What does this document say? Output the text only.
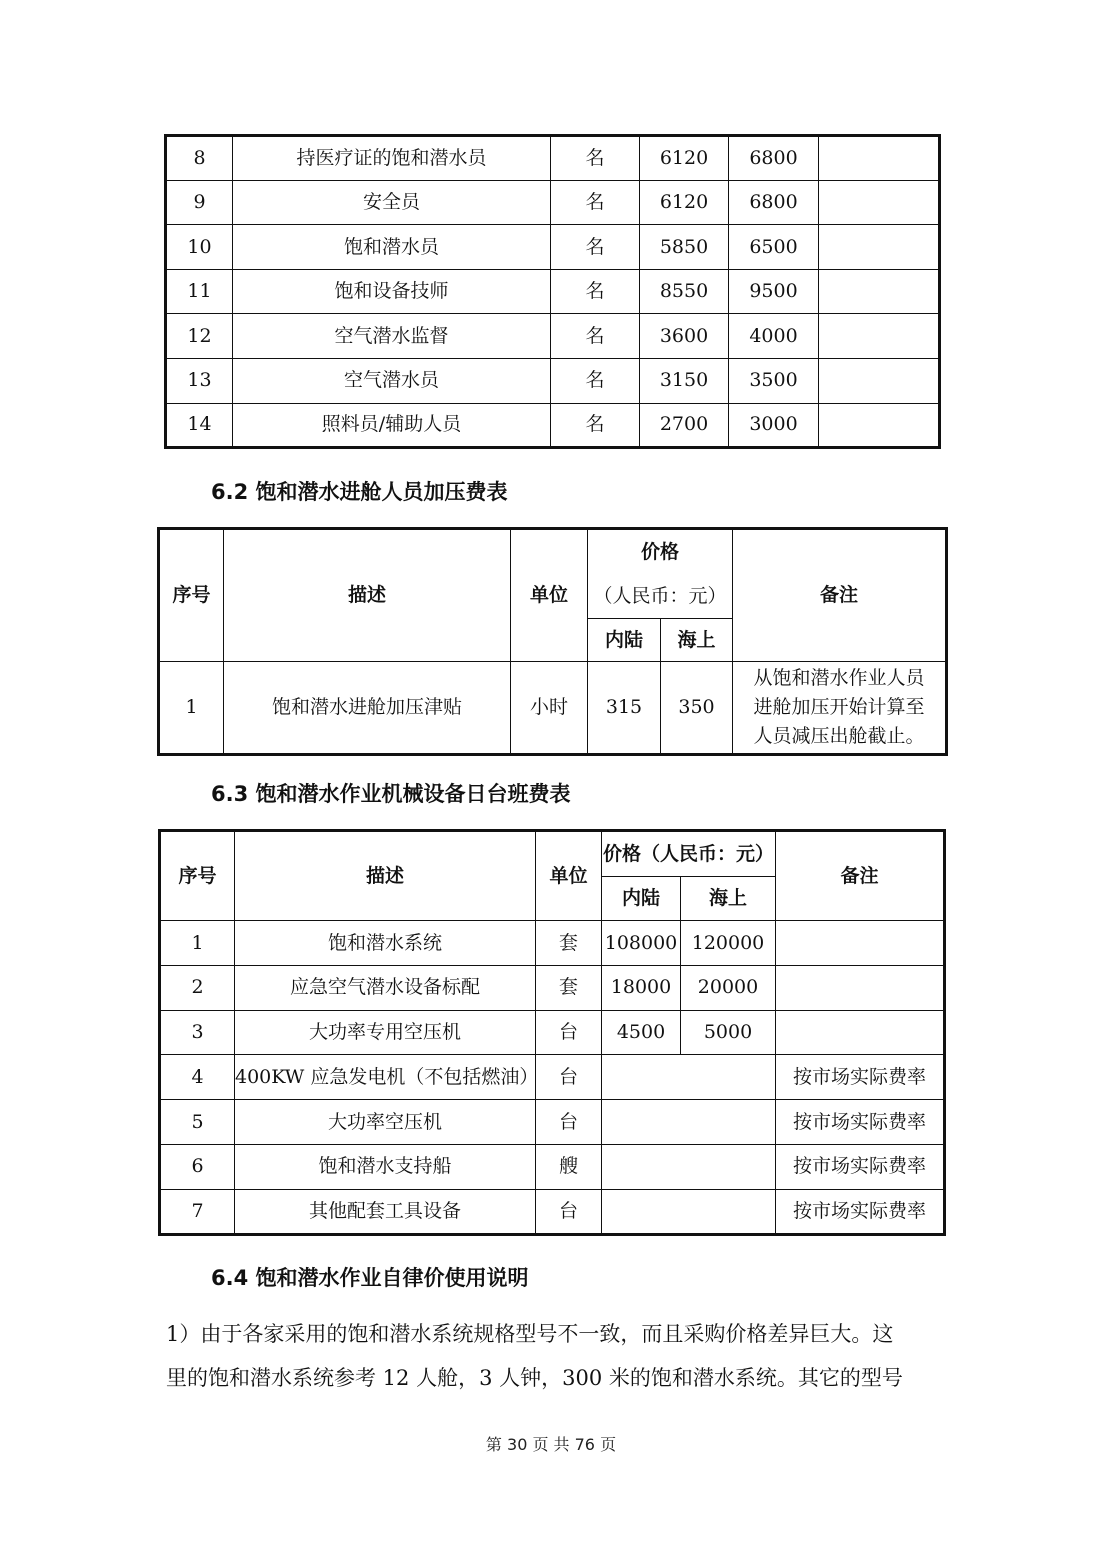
8	持医疗证的饱和潜水员	名	6120	6800	
9	安全员	名	6120	6800	
10	饱和潜水员	名	5850	6500	
11	饱和设备技师	名	8550	9500	
12	空气潜水监督	名	3600	4000	
13	空气潜水员	名	3150	3500	
14	照料员/辅助人员	名	2700	3000	
6.2 饱和潜水进舱人员加压费表
序号	描述	单位	价格
（人民币：元）		备注
			内陆	海上	
1	饱和潜水进舱加压津贴	小时	315	350	从饱和潜水作业人员
进舱加压开始计算至
人员减压出舱截止。
6.3 饱和潜水作业机械设备日台班费表
序号	描述	单位	价格（人民币：元）		备注
			内陆	海上	
1	饱和潜水系统	套	108000	120000	
2	应急空气潜水设备标配	套	18000	20000	
3	大功率专用空压机	台	4500	5000	
4	400KW 应急发电机（不包括燃油）	台			按市场实际费率
5	大功率空压机	台			按市场实际费率
6	饱和潜水支持船	艘			按市场实际费率
7	其他配套工具设备	台			按市场实际费率
6.4 饱和潜水作业自律价使用说明
1）由于各家采用的饱和潜水系统规格型号不一致，而且采购价格差异巨大。这
里的饱和潜水系统参考 12 人舱，3 人钟，300 米的饱和潜水系统。其它的型号
第 30 页 共 76 页
